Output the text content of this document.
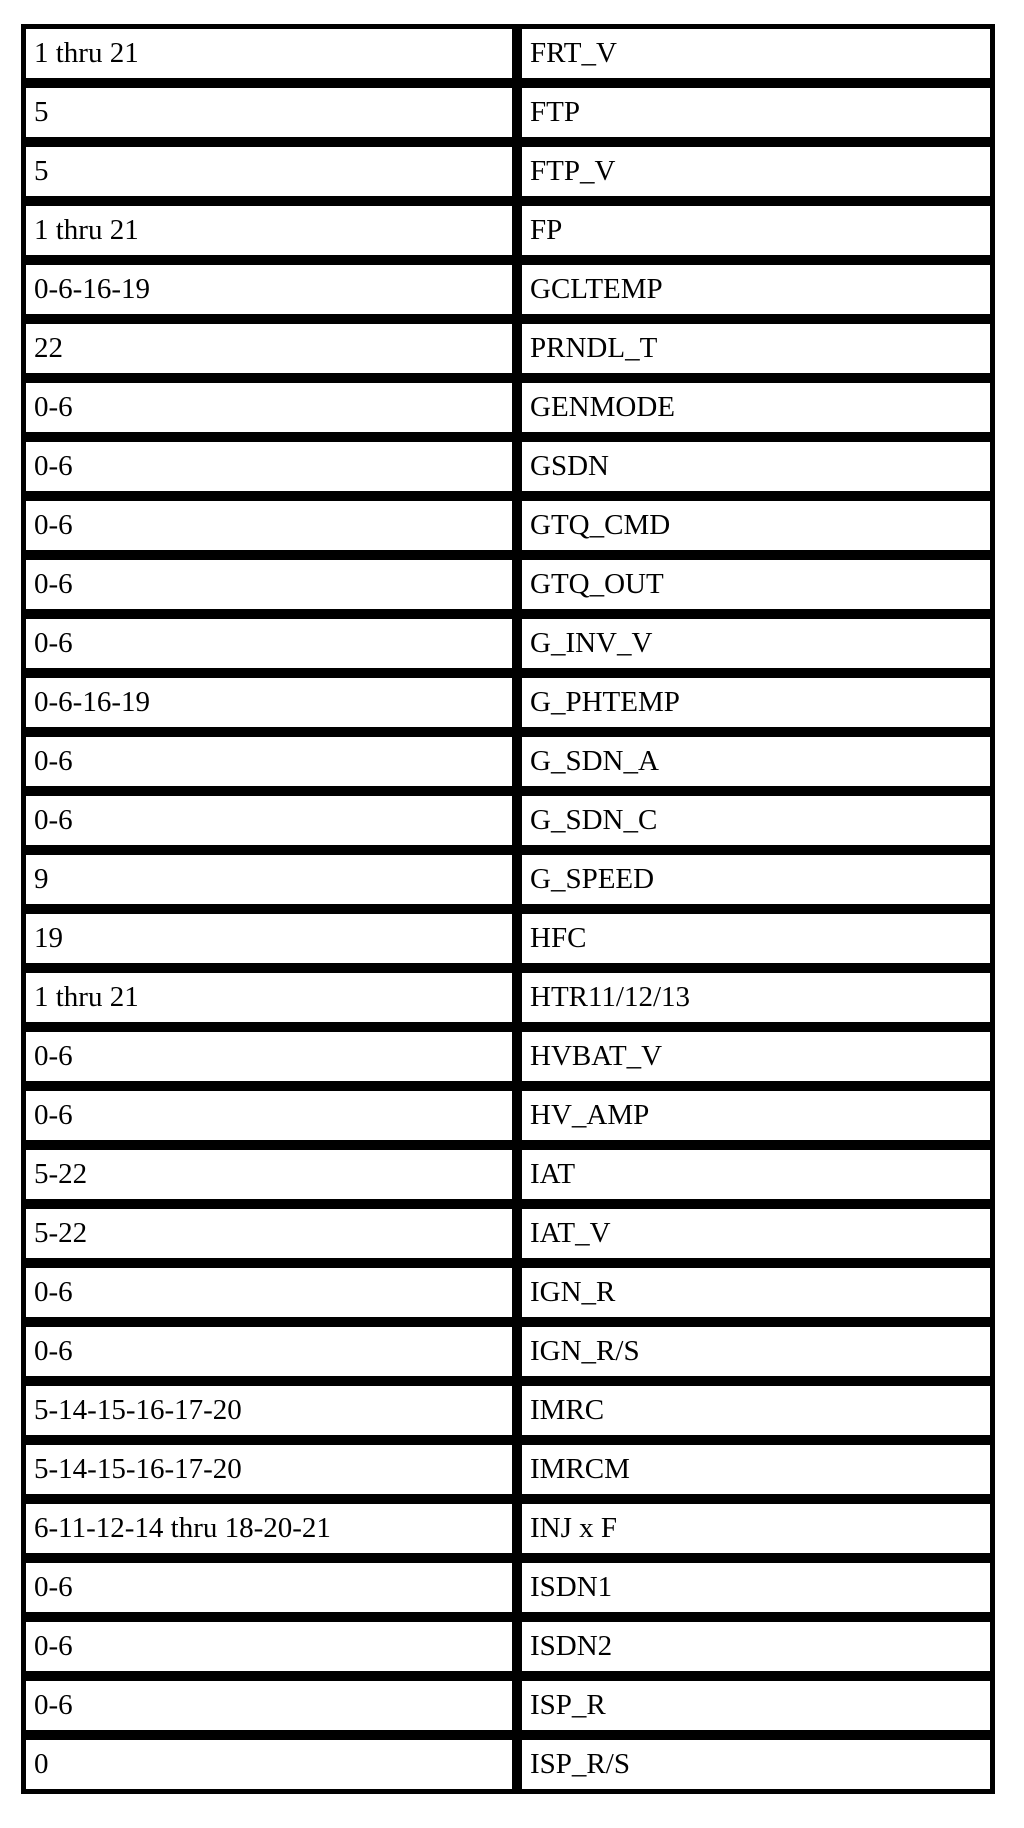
1 thru 21	FRT_V
5	FTP
5	FTP_V
1 thru 21	FP
0-6-16-19	GCLTEMP
22	PRNDL_T
0-6	GENMODE
0-6	GSDN
0-6	GTQ_CMD
0-6	GTQ_OUT
0-6	G_INV_V
0-6-16-19	G_PHTEMP
0-6	G_SDN_A
0-6	G_SDN_C
9	G_SPEED
19	HFC
1 thru 21	HTR11/12/13
0-6	HVBAT_V
0-6	HV_AMP
5-22	IAT
5-22	IAT_V
0-6	IGN_R
0-6	IGN_R/S
5-14-15-16-17-20	IMRC
5-14-15-16-17-20	IMRCM
6-11-12-14 thru 18-20-21	INJ x F
0-6	ISDN1
0-6	ISDN2
0-6	ISP_R
0	ISP_R/S
